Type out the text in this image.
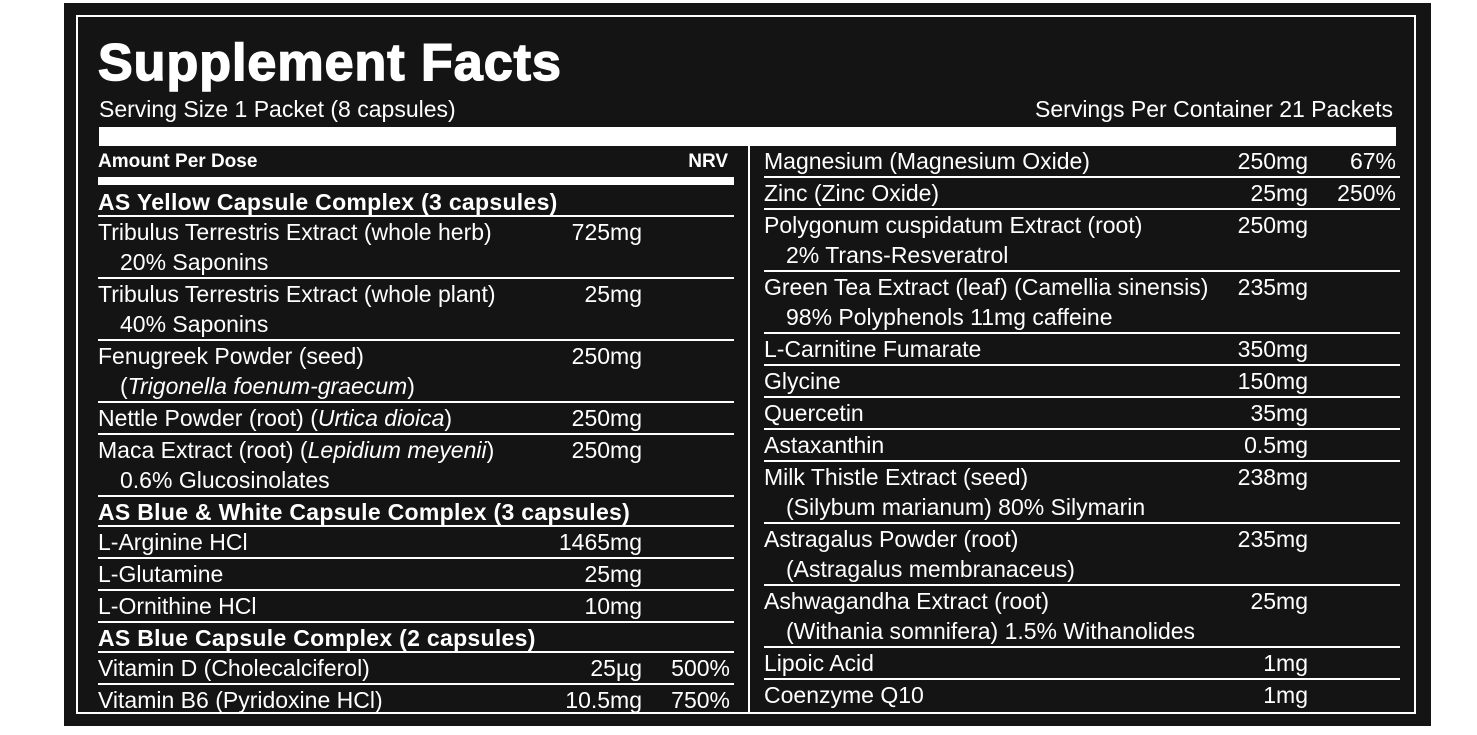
Supplement Facts
Serving Size 1 Packet (8 capsules)	Servings Per Container 21 Packets
Amount Per Dose	NRV
AS Yellow Capsule Complex (3 capsules)
Tribulus Terrestris Extract (whole herb)	725mg
20% Saponins
Tribulus Terrestris Extract (whole plant)	25mg
40% Saponins
Fenugreek Powder (seed)	250mg
(Trigonella foenum-graecum)
Nettle Powder (root) (Urtica dioica)	250mg
Maca Extract (root) (Lepidium meyenii)	250mg
0.6% Glucosinolates
AS Blue & White Capsule Complex (3 capsules)
L-Arginine HCl	1465mg
L-Glutamine	25mg
L-Ornithine HCl	10mg
AS Blue Capsule Complex (2 capsules)
Vitamin D (Cholecalciferol)	25µg 500%
Vitamin B6 (Pyridoxine HCl)	10.5mg 750%
Magnesium (Magnesium Oxide)	250mg 67%
Zinc (Zinc Oxide)	25mg 250%
Polygonum cuspidatum Extract (root)	250mg
2% Trans-Resveratrol
Green Tea Extract (leaf) (Camellia sinensis) 235mg
98% Polyphenols 11mg caffeine
L-Carnitine Fumarate	350mg
Glycine	150mg
Quercetin	35mg
Astaxanthin	0.5mg
Milk Thistle Extract (seed)	238mg
(Silybum marianum) 80% Silymarin
Astragalus Powder (root)	235mg
(Astragalus membranaceus)
Ashwagandha Extract (root)	25mg
(Withania somnifera) 1.5% Withanolides
Lipoic Acid	1mg
Coenzyme Q10	1mg
